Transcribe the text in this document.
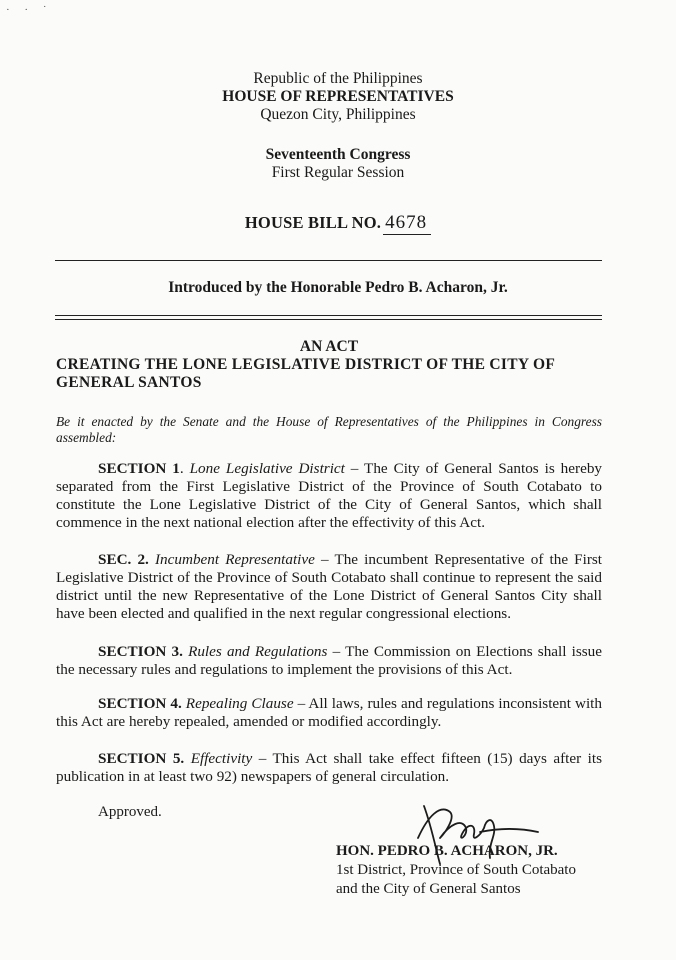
· · ˙
Republic of the Philippines
HOUSE OF REPRESENTATIVES
Quezon City, Philippines
Seventeenth Congress
First Regular Session
HOUSE BILL NO. 4678
Introduced by the Honorable Pedro B. Acharon, Jr.
AN ACT
CREATING THE LONE LEGISLATIVE DISTRICT OF THE CITY OF GENERAL SANTOS
Be it enacted by the Senate and the House of Representatives of the Philippines in Congress assembled:
SECTION 1. Lone Legislative District – The City of General Santos is hereby separated from the First Legislative District of the Province of South Cotabato to constitute the Lone Legislative District of the City of General Santos, which shall commence in the next national election after the effectivity of this Act.
SEC. 2. Incumbent Representative – The incumbent Representative of the First Legislative District of the Province of South Cotabato shall continue to represent the said district until the new Representative of the Lone District of General Santos City shall have been elected and qualified in the next regular congressional elections.
SECTION 3. Rules and Regulations – The Commission on Elections shall issue the necessary rules and regulations to implement the provisions of this Act.
SECTION 4. Repealing Clause – All laws, rules and regulations inconsistent with this Act are hereby repealed, amended or modified accordingly.
SECTION 5. Effectivity – This Act shall take effect fifteen (15) days after its publication in at least two 92) newspapers of general circulation.
Approved.
HON. PEDRO B. ACHARON, JR.
1st District, Province of South Cotabato
and the City of General Santos
